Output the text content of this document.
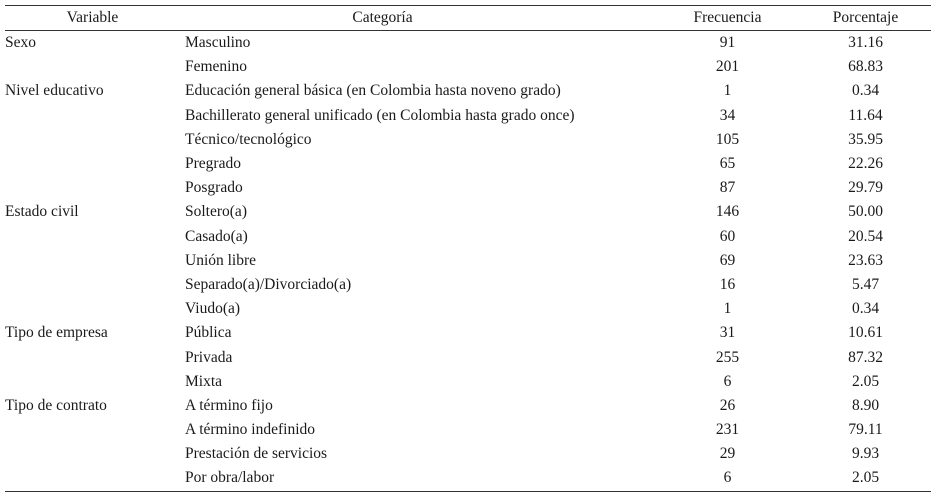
Variable	Categoría	Frecuencia	Porcentaje
Sexo	Masculino	91	31.16
	Femenino	201	68.83
Nivel educativo	Educación general básica (en Colombia hasta noveno grado)	1	0.34
	Bachillerato general unificado (en Colombia hasta grado once)	34	11.64
	Técnico/tecnológico	105	35.95
	Pregrado	65	22.26
	Posgrado	87	29.79
Estado civil	Soltero(a)	146	50.00
	Casado(a)	60	20.54
	Unión libre	69	23.63
	Separado(a)/Divorciado(a)	16	5.47
	Viudo(a)	1	0.34
Tipo de empresa	Pública	31	10.61
	Privada	255	87.32
	Mixta	6	2.05
Tipo de contrato	A término fijo	26	8.90
	A término indefinido	231	79.11
	Prestación de servicios	29	9.93
	Por obra/labor	6	2.05
